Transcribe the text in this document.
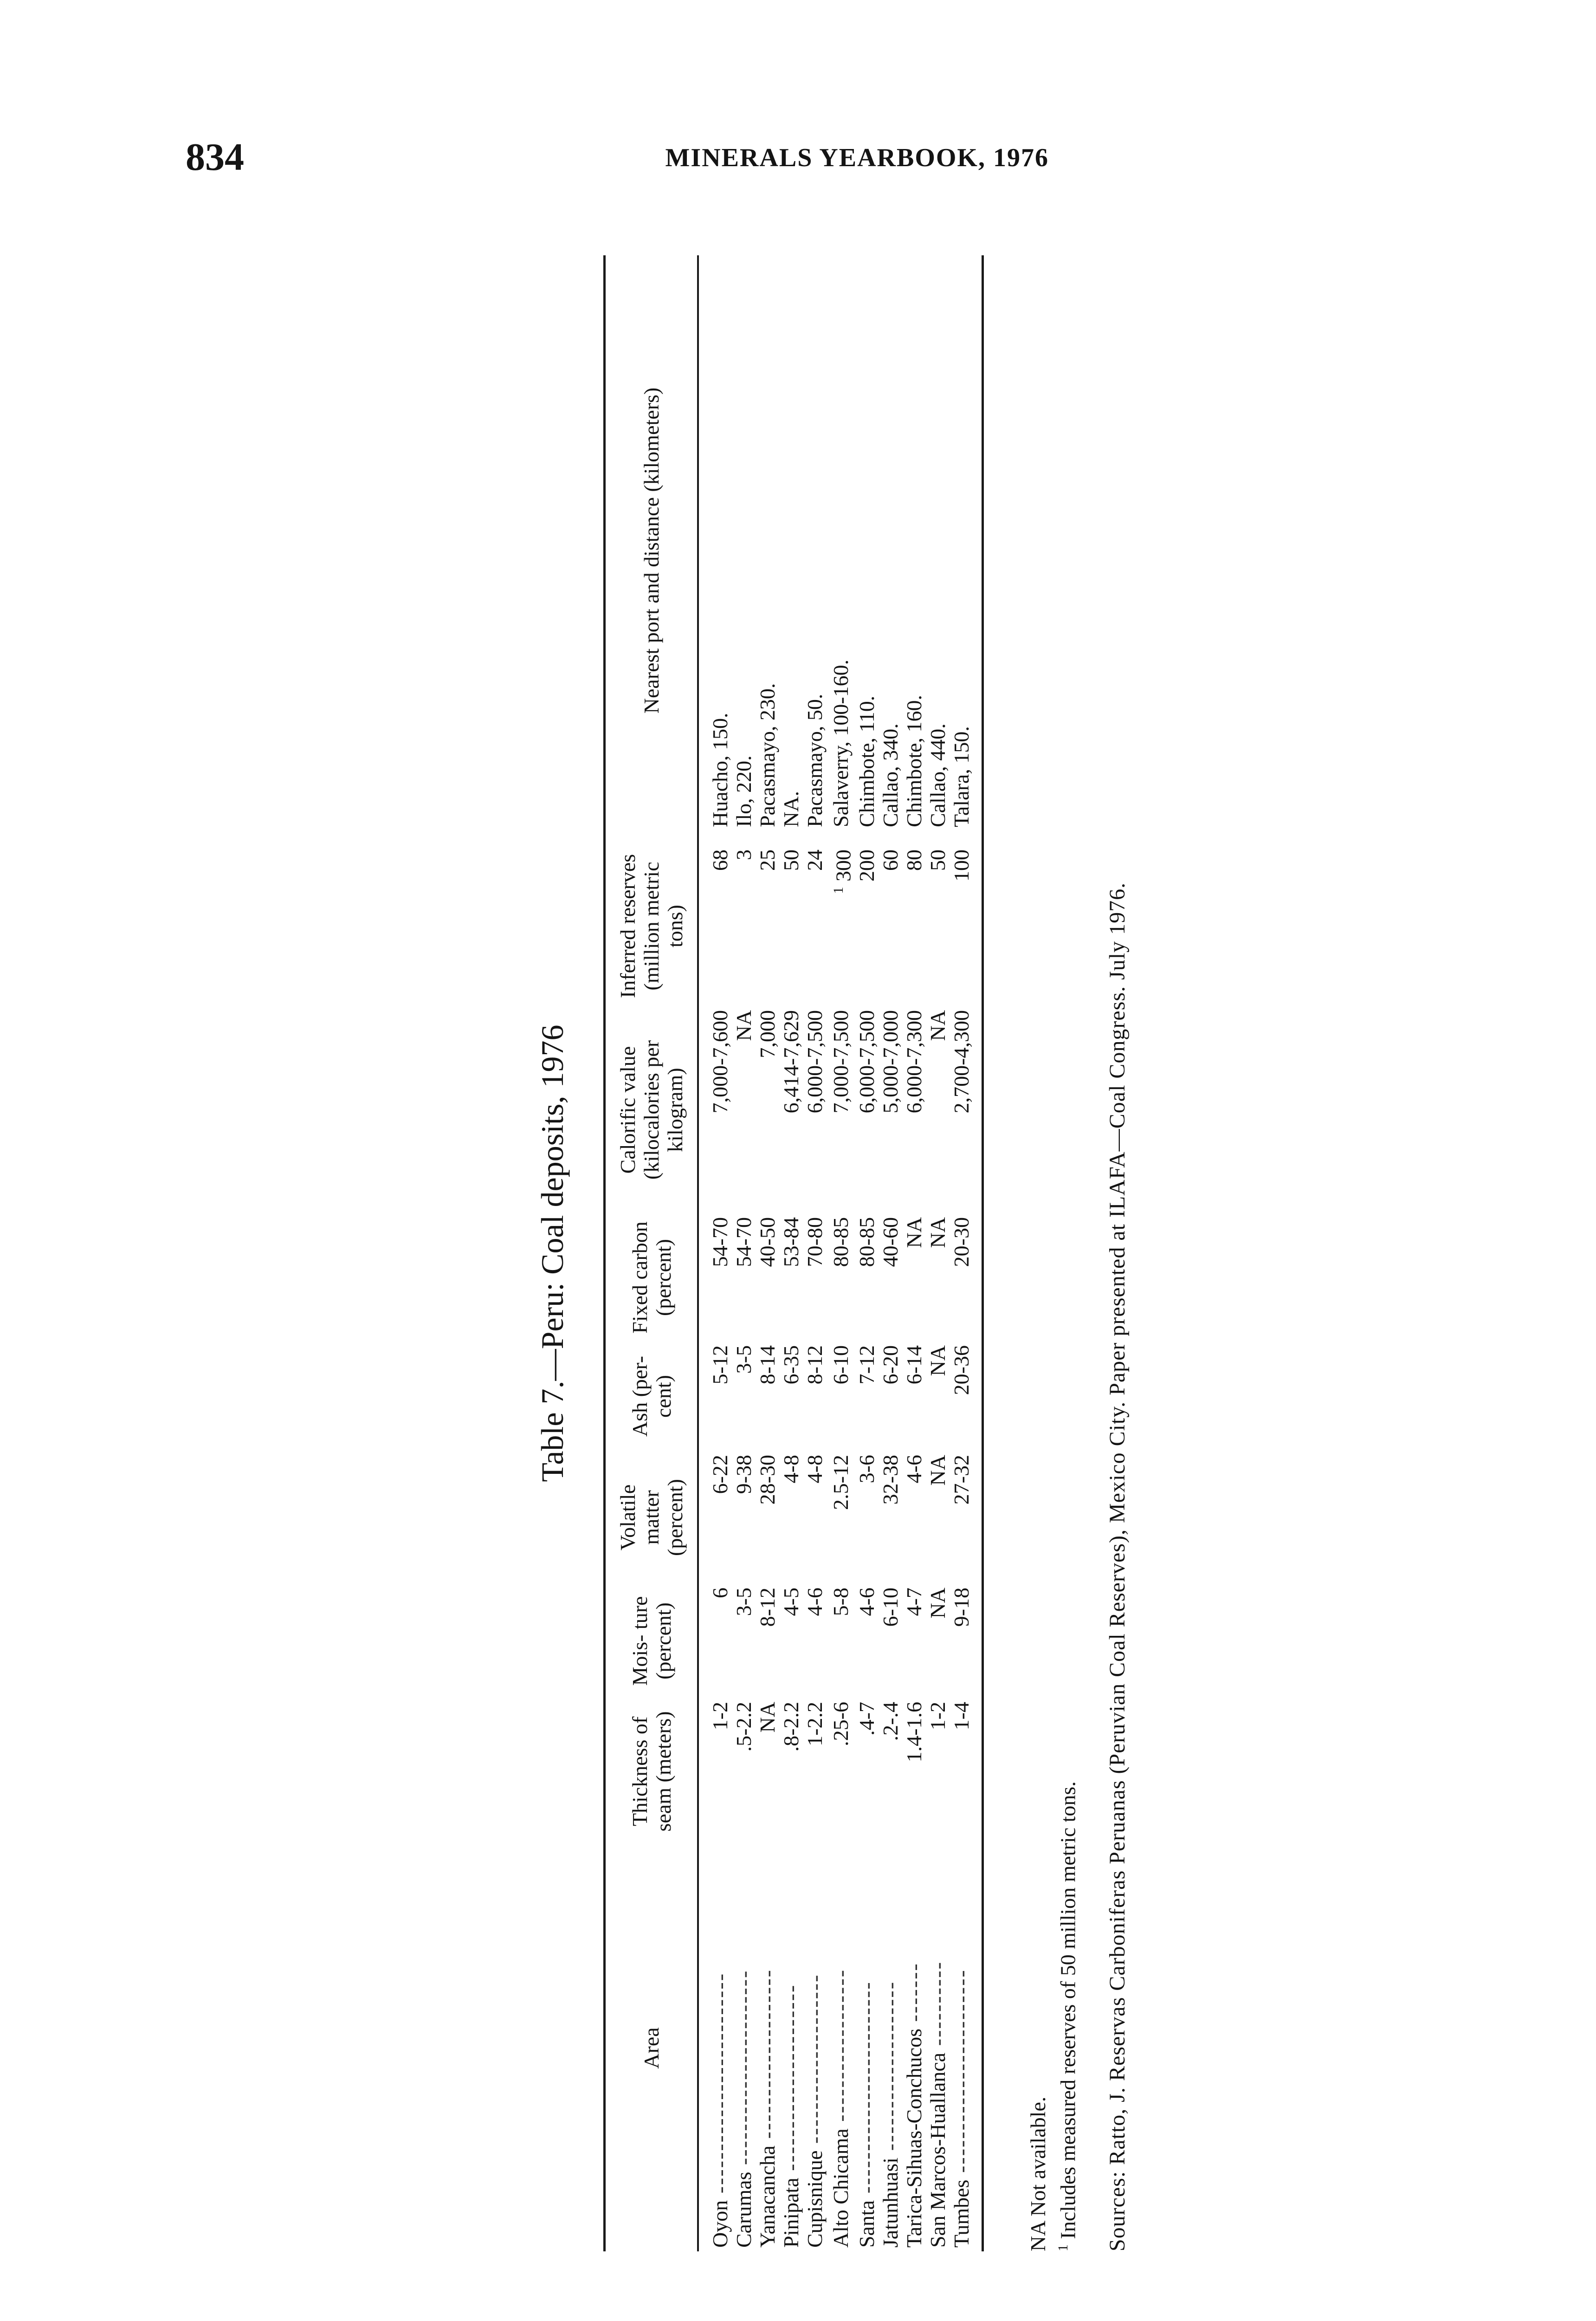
834	MINERALS YEARBOOK, 1976
Table 7.—Peru: Coal deposits, 1976
Area	Thickness of seam (meters)	Mois- ture (percent)	Volatile matter (percent)	Ash (per- cent)	Fixed carbon (percent)	Calorific value (kilocalories per kilogram)	Inferred reserves (million metric tons)	Nearest port and distance (kilometers)
Oyon --------------------------	1-2	6	6-22	5-12	54-70	7,000-7,600	68	Huacho, 150.
Carumas -----------------------	.5-2.2	3-5	9-38	3-5	54-70	NA	3	Ilo, 220.
Yanacancha --------------------	NA	8-12	28-30	8-14	40-50	7,000	25	Pacasmayo, 230.
Pinipata ----------------------	.8-2.2	4-5	4-8	6-35	53-84	6,414-7,629	50	NA.
Cupisnique --------------------	1-2.2	4-6	4-8	8-12	70-80	6,000-7,500	24	Pacasmayo, 50.
Alto Chicama ------------------	.25-6	5-8	2.5-12	6-10	80-85	7,000-7,500	$^1$ 300	Salaverry, 100-160.
Santa -------------------------	.4-7	4-6	3-6	7-12	80-85	6,000-7,500	200	Chimbote, 110.
Jatunhuasi --------------------	.2-.4	6-10	32-38	6-20	40-60	5,000-7,000	60	Callao, 340.
Tarica-Sihuas-Conchucos -------	1.4-1.6	4-7	4-6	6-14	NA	6,000-7,300	80	Chimbote, 160.
San Marcos-Huallanca ----------	1-2	NA	NA	NA	NA	NA	50	Callao, 440.
Tumbes ------------------------	1-4	9-18	27-32	20-36	20-30	2,700-4,300	100	Talara, 150.
NA Not available. $^1$ Includes measured reserves of 50 million metric tons. Sources: Ratto, J. Reservas Carboniferas Peruanas (Peruvian Coal Reserves), Mexico City. Paper presented at ILAFA—Coal Congress. July 1976.
